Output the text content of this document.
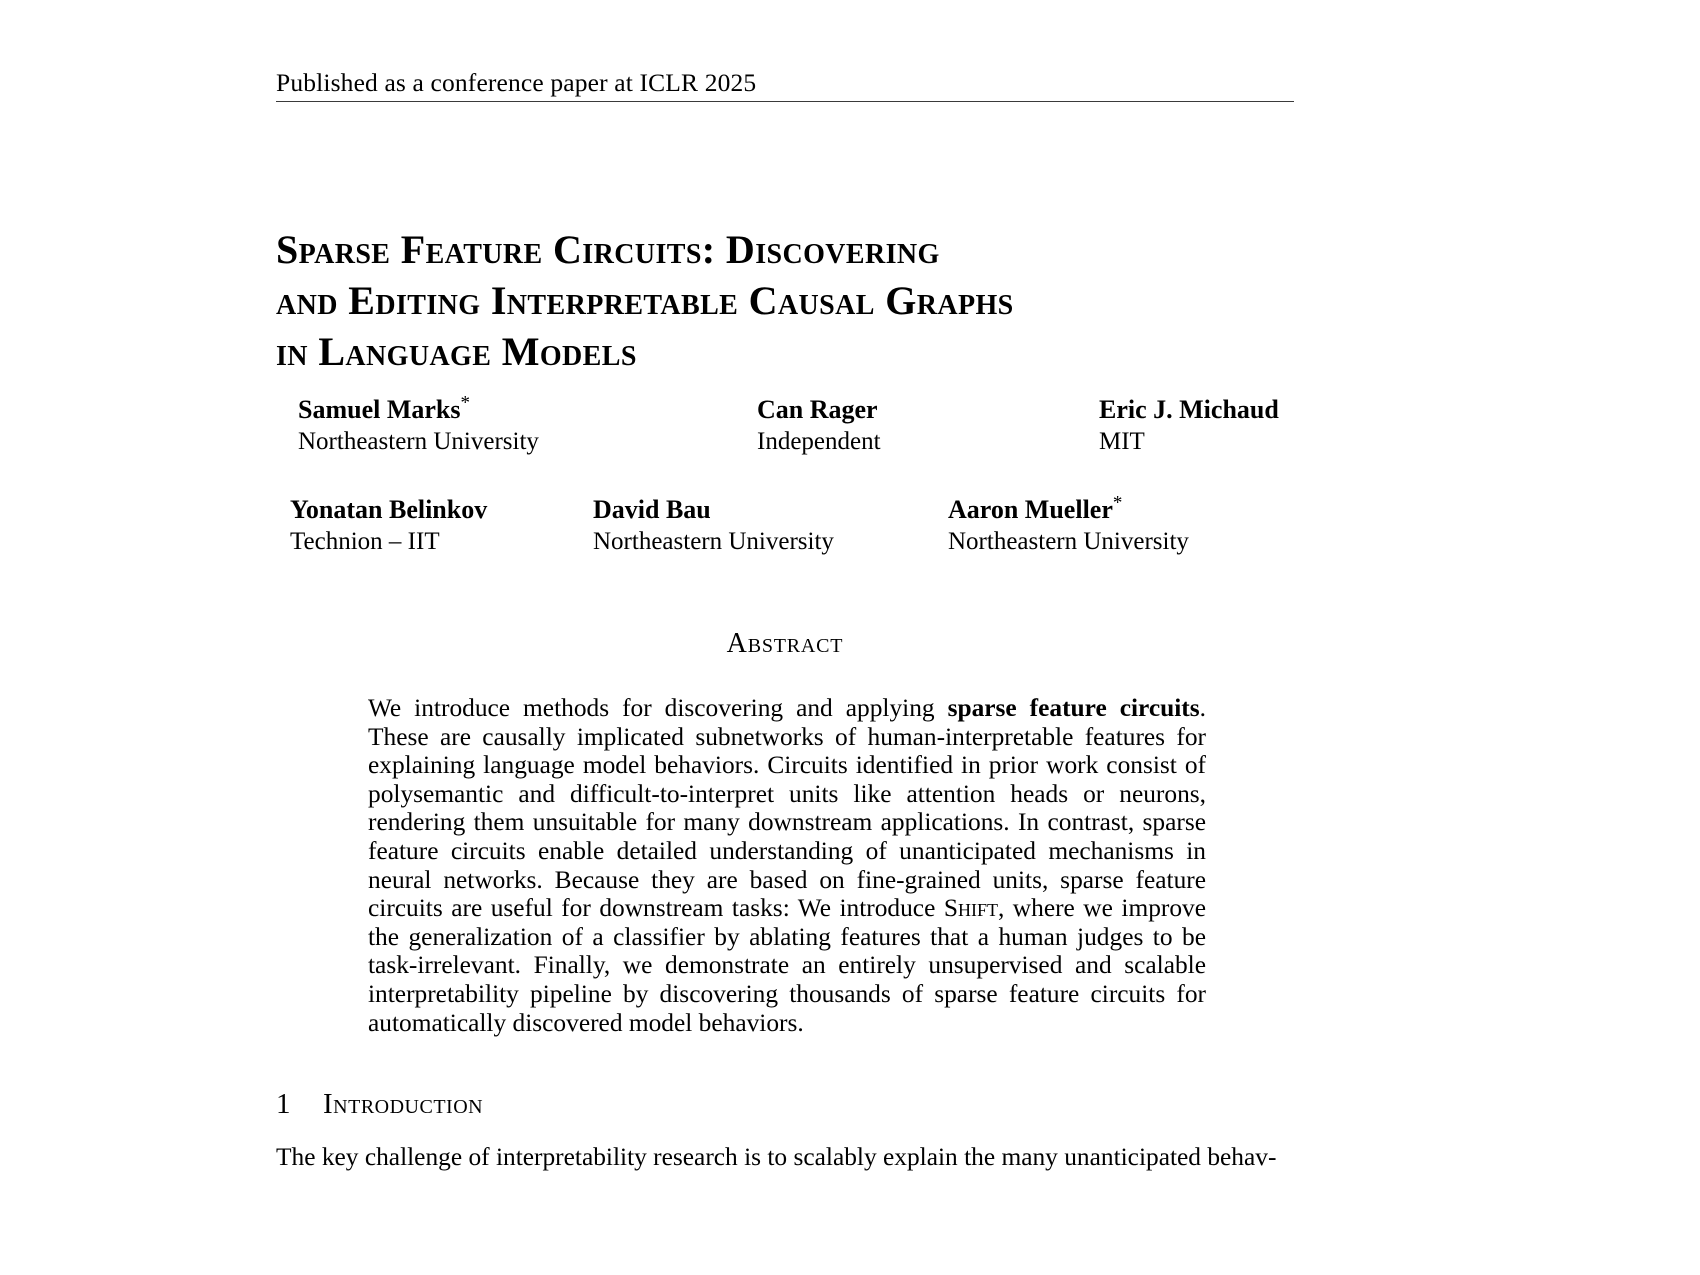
Published as a conference paper at ICLR 2025
Sparse Feature Circuits: Discovering
and Editing Interpretable Causal Graphs
in Language Models
Samuel Marks*
Northeastern University
Can Rager
Independent
Eric J. Michaud
MIT
Yonatan Belinkov
Technion – IIT
David Bau
Northeastern University
Aaron Mueller*
Northeastern University
Abstract

We introduce methods for discovering and applying sparse feature circuits. These are causally implicated subnetworks of human-interpretable features for explaining language model behaviors. Circuits identified in prior work consist of polysemantic and difficult-to-interpret units like attention heads or neurons, rendering them unsuitable for many downstream applications. In contrast, sparse feature circuits enable detailed understanding of unanticipated mechanisms in neural networks. Because they are based on fine-grained units, sparse feature circuits are useful for downstream tasks: We introduce Shift, where we improve the generalization of a classifier by ablating features that a human judges to be task-irrelevant. Finally, we demonstrate an entirely unsupervised and scalable interpretability pipeline by discovering thousands of sparse feature circuits for automatically discovered model behaviors.

1 Introduction

The key challenge of interpretability research is to scalably explain the many unanticipated behav-
